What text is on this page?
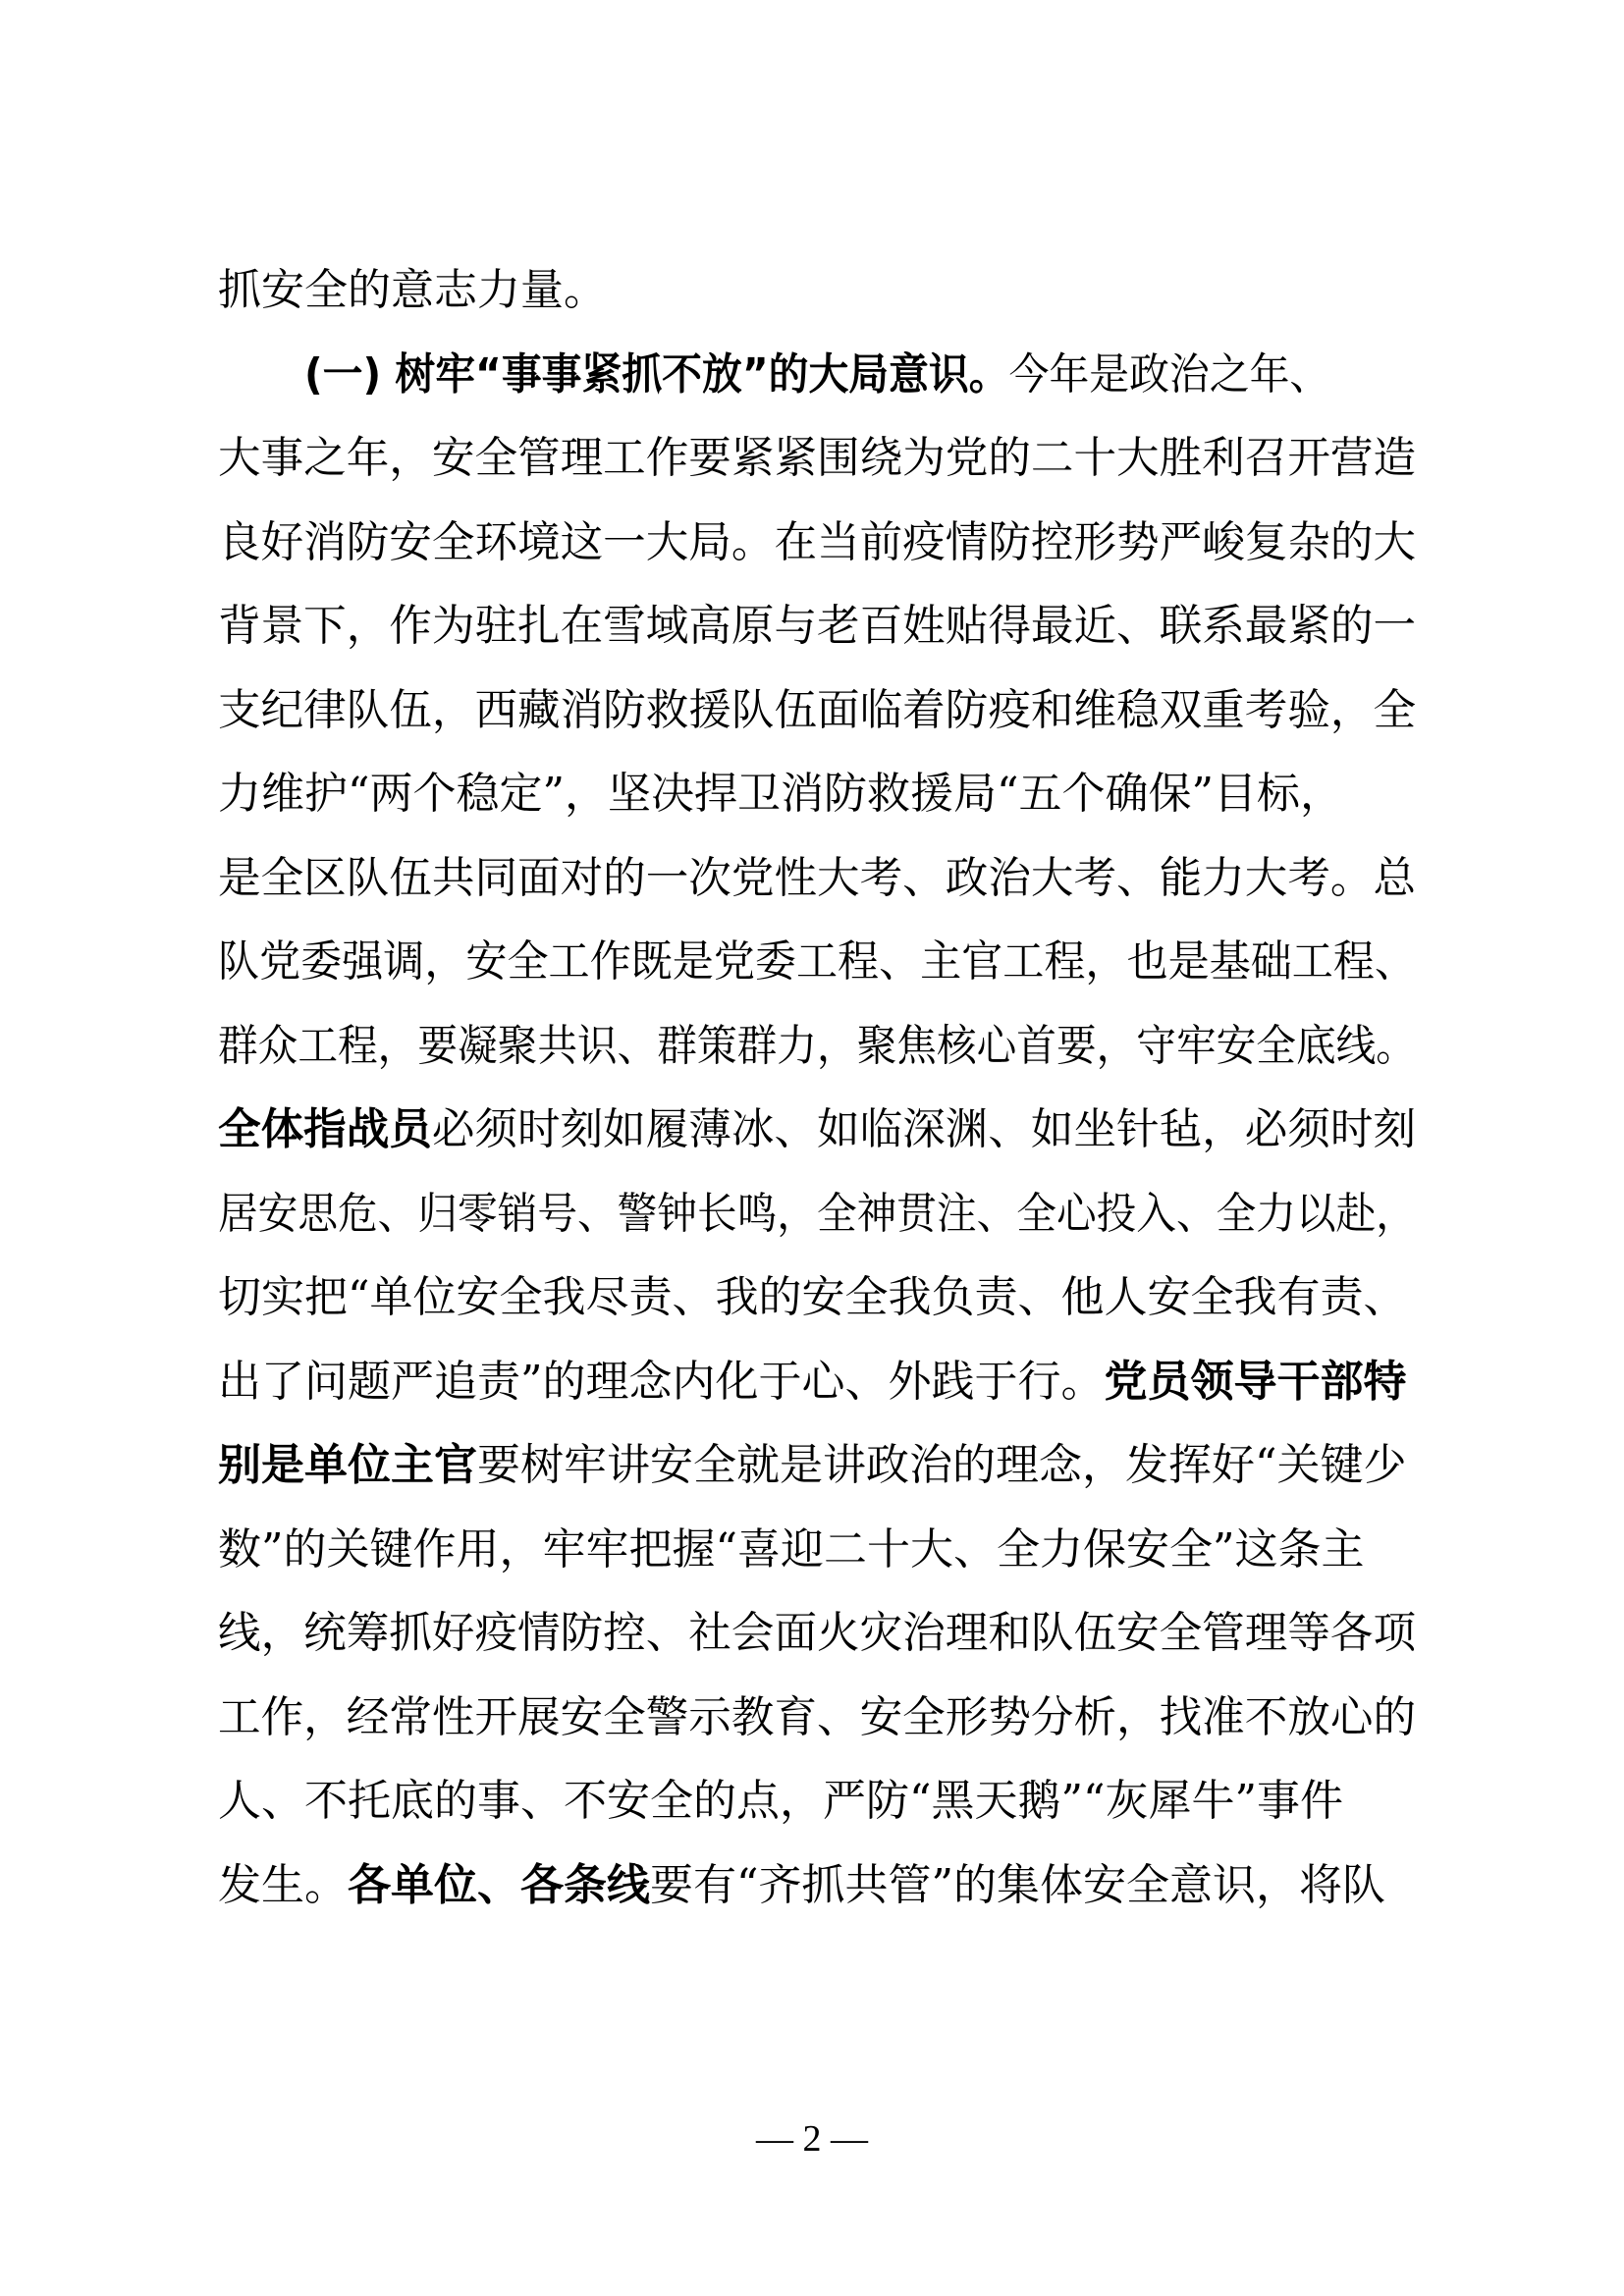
抓安全的意志力量。
(一) 树牢“事事紧抓不放”的大局意识。今年是政治之年、
大事之年，安全管理工作要紧紧围绕为党的二十大胜利召开营造
良好消防安全环境这一大局。在当前疫情防控形势严峻复杂的大
背景下，作为驻扎在雪域高原与老百姓贴得最近、联系最紧的一
支纪律队伍，西藏消防救援队伍面临着防疫和维稳双重考验，全
力维护“两个稳定”，坚决捍卫消防救援局“五个确保”目标，
是全区队伍共同面对的一次党性大考、政治大考、能力大考。总
队党委强调，安全工作既是党委工程、主官工程，也是基础工程、
群众工程，要凝聚共识、群策群力，聚焦核心首要，守牢安全底线。
全体指战员必须时刻如履薄冰、如临深渊、如坐针毡，必须时刻
居安思危、归零销号、警钟长鸣，全神贯注、全心投入、全力以赴，
切实把“单位安全我尽责、我的安全我负责、他人安全我有责、
出了问题严追责”的理念内化于心、外践于行。党员领导干部特
别是单位主官要树牢讲安全就是讲政治的理念，发挥好“关键少
数”的关键作用，牢牢把握“喜迎二十大、全力保安全”这条主
线，统筹抓好疫情防控、社会面火灾治理和队伍安全管理等各项
工作，经常性开展安全警示教育、安全形势分析，找准不放心的
人、不托底的事、不安全的点，严防“黑天鹅”“灰犀牛”事件
发生。各单位、各条线要有“齐抓共管”的集体安全意识，将队
— 2 —
